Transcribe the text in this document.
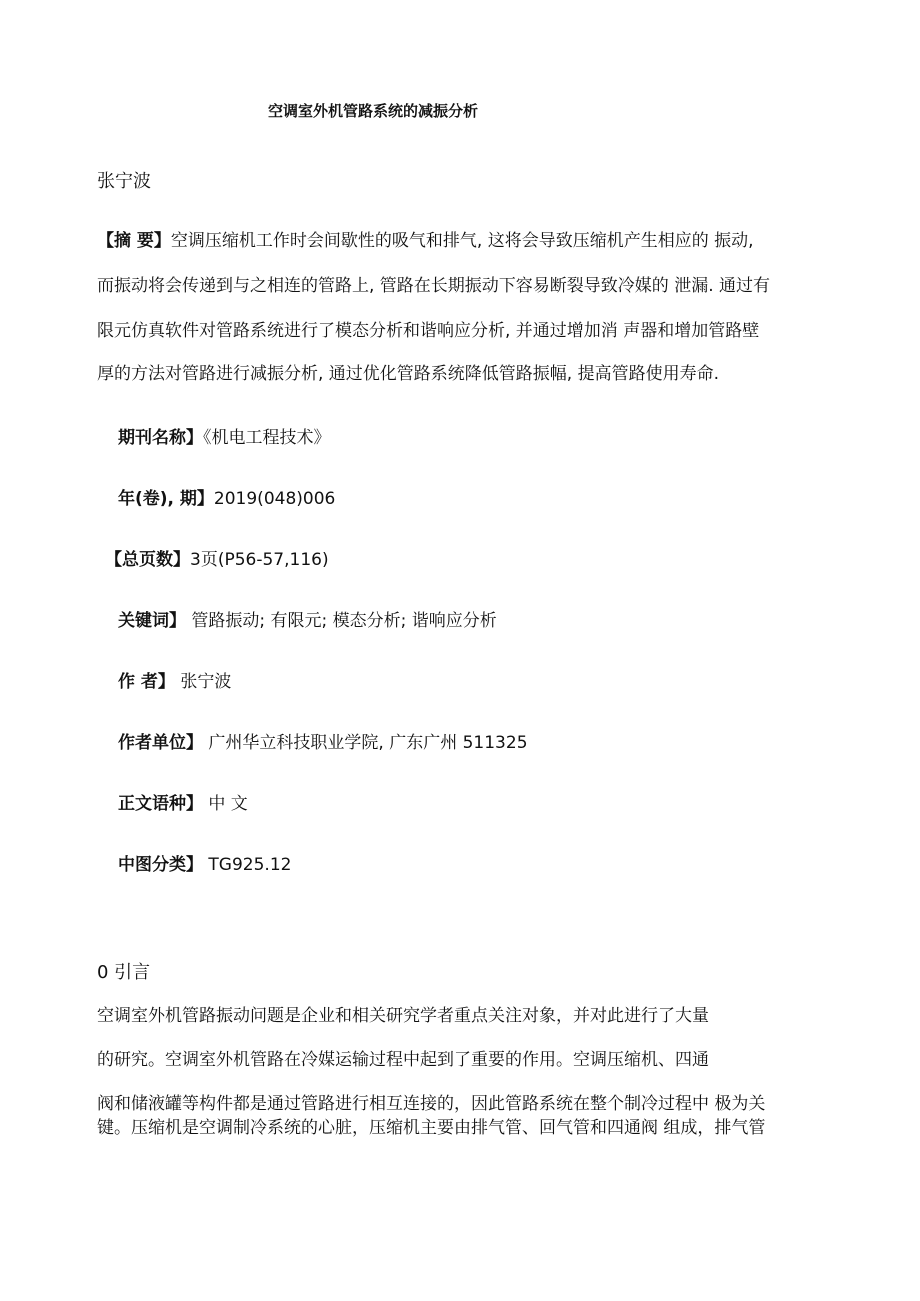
空调室外机管路系统的减振分析
张宁波
【摘 要】空调压缩机工作时会间歇性的吸气和排气, 这将会导致压缩机产生相应的 振动,
而振动将会传递到与之相连的管路上, 管路在长期振动下容易断裂导致冷媒的 泄漏. 通过有
限元仿真软件对管路系统进行了模态分析和谐响应分析, 并通过增加消 声器和增加管路壁
厚的方法对管路进行减振分析, 通过优化管路系统降低管路振幅, 提高管路使用寿命.
期刊名称】《机电工程技术》
年(卷), 期】2019(048)006
【总页数】3页(P56-57,116)
关键词】 管路振动; 有限元; 模态分析; 谐响应分析
作 者】 张宁波
作者单位】 广州华立科技职业学院, 广东广州 511325
正文语种】 中 文
中图分类】 TG925.12
0 引言
空调室外机管路振动问题是企业和相关研究学者重点关注对象，并对此进行了大量
的研究。空调室外机管路在冷媒运输过程中起到了重要的作用。空调压缩机、四通
阀和储液罐等构件都是通过管路进行相互连接的，因此管路系统在整个制冷过程中 极为关
键。压缩机是空调制冷系统的心脏，压缩机主要由排气管、回气管和四通阀 组成，排气管
